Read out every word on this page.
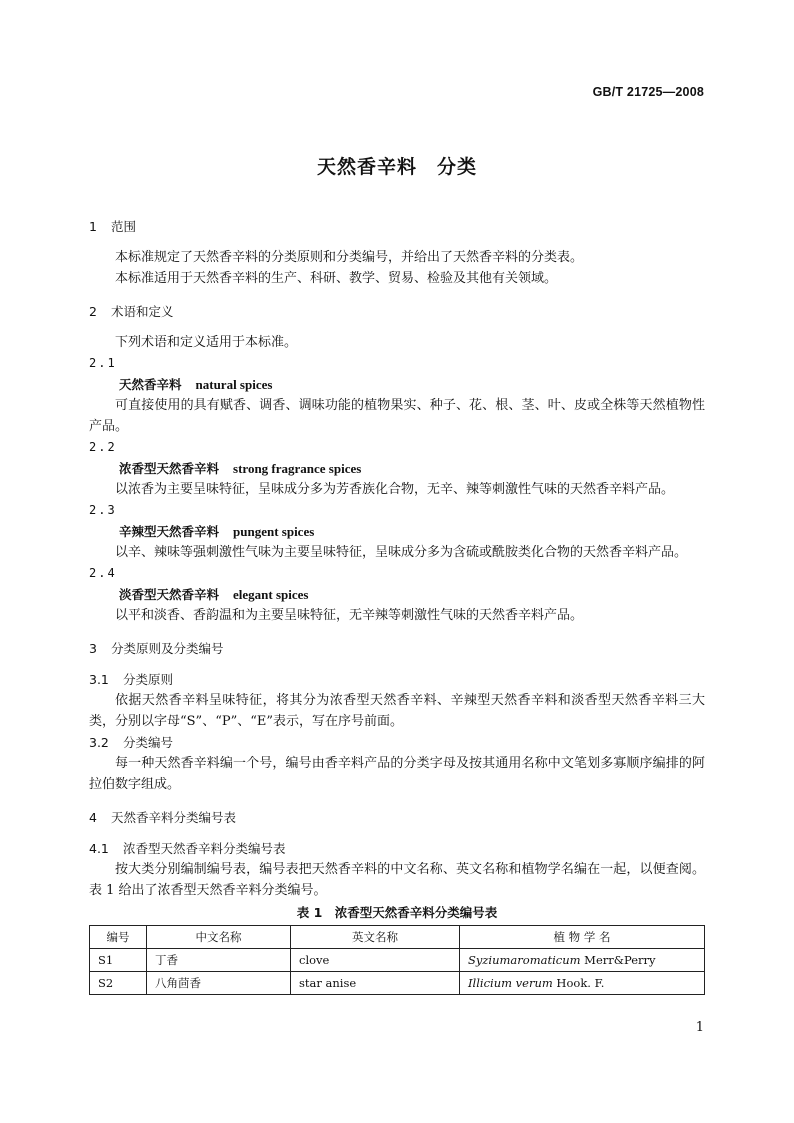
GB/T 21725—2008
天然香辛料　分类

1 范围

本标准规定了天然香辛料的分类原则和分类编号，并给出了天然香辛料的分类表。

本标准适用于天然香辛料的生产、科研、教学、贸易、检验及其他有关领域。

2 术语和定义

下列术语和定义适用于本标准。

2.1

天然香辛料 natural spices

可直接使用的具有赋香、调香、调味功能的植物果实、种子、花、根、茎、叶、皮或全株等天然植物性产品。

2.2

浓香型天然香辛料 strong fragrance spices

以浓香为主要呈味特征，呈味成分多为芳香族化合物，无辛、辣等刺激性气味的天然香辛料产品。

2.3

辛辣型天然香辛料 pungent spices

以辛、辣味等强刺激性气味为主要呈味特征，呈味成分多为含硫或酰胺类化合物的天然香辛料产品。

2.4

淡香型天然香辛料 elegant spices

以平和淡香、香韵温和为主要呈味特征，无辛辣等刺激性气味的天然香辛料产品。

3 分类原则及分类编号

3.1 分类原则

依据天然香辛料呈味特征，将其分为浓香型天然香辛料、辛辣型天然香辛料和淡香型天然香辛料三大类，分别以字母“S”、“P”、“E”表示，写在序号前面。

3.2 分类编号

每一种天然香辛料编一个号，编号由香辛料产品的分类字母及按其通用名称中文笔划多寡顺序编排的阿拉伯数字组成。

4 天然香辛料分类编号表

4.1 浓香型天然香辛料分类编号表

按大类分别编制编号表，编号表把天然香辛料的中文名称、英文名称和植物学名编在一起，以便查阅。表 1 给出了浓香型天然香辛料分类编号。

表 1　浓香型天然香辛料分类编号表

编号	中文名称	英文名称	植 物 学 名
S1	丁香	clove	Syziumaromaticum Merr&Perry
S2	八角茴香	star anise	Illicium verum Hook. F.
1
